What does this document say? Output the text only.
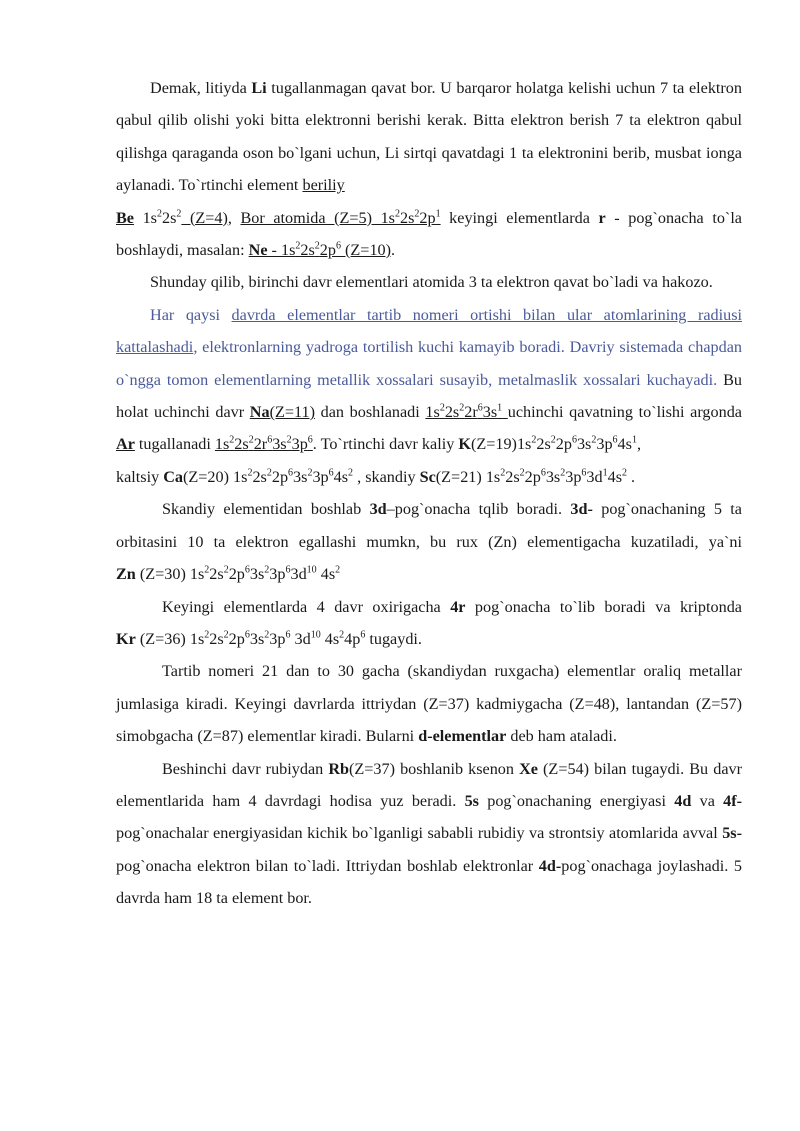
Demak, litiyda Li tugallanmagan qavat bor. U barqaror holatga kelishi uchun 7 ta elektron qabul qilib olishi yoki bitta elektronni berishi kerak. Bitta elektron berish 7 ta elektron qabul qilishga qaraganda oson bo`lgani uchun, Li sirtqi qavatdagi 1 ta elektronini berib, musbat ionga aylanadi. To`rtinchi element beriliy
Be $1s^22s^2$ (Z=4), Bor atomida (Z=5) $1s^22s^22p^1$ keyingi elementlarda r - pog`onacha to`la boshlaydi, masalan: Ne - $1s^22s^22p^6$ (Z=10).

Shunday qilib, birinchi davr elementlari atomida 3 ta elektron qavat bo`ladi va hakozo.

Har qaysi davrda elementlar tartib nomeri ortishi bilan ular atomlarining radiusi kattalashadi, elektronlarning yadroga tortilish kuchi kamayib boradi. Davriy sistemada chapdan o`ngga tomon elementlarning metallik xossalari susayib, metalmaslik xossalari kuchayadi. Bu holat uchinchi davr Na(Z=11) dan boshlanadi $1s^22s^22r^63s^1$ uchinchi qavatning to`lishi argonda Ar tugallanadi $1s^22s^22r^63s^23p^6$. To`rtinchi davr kaliy $K(Z=19)1s^22s^22p^63s^23p^64s^1$,
kaltsiy Ca(Z=20) $1s^22s^22p^63s^23p^64s^2$ , skandiy Sc(Z=21) $1s^22s^22p^63s^23p^63d^14s^2$ .

Skandiy elementidan boshlab 3d–pog`onacha tqlib boradi. 3d- pog`onachaning 5 ta orbitasini 10 ta elektron egallashi mumkn, bu rux (Zn) elementigacha kuzatiladi, ya`ni Zn (Z=30) $1s^22s^22p^63s^23p^63d^{10}$ $4s^2$

Keyingi elementlarda 4 davr oxirigacha 4r pog`onacha to`lib boradi va kriptonda Kr (Z=36) $1s^22s^22p^63s^23p^6$ $3d^{10}$ $4s^24p^6$ tugaydi.

Tartib nomeri 21 dan to 30 gacha (skandiydan ruxgacha) elementlar oraliq metallar jumlasiga kiradi. Keyingi davrlarda ittriydan (Z=37) kadmiygacha (Z=48), lantandan (Z=57) simobgacha (Z=87) elementlar kiradi. Bularni d-elementlar deb ham ataladi.

Beshinchi davr rubiydan Rb(Z=37) boshlanib ksenon Xe (Z=54) bilan tugaydi. Bu davr elementlarida ham 4 davrdagi hodisa yuz beradi. 5s pog`onachaning energiyasi 4d va 4f-pog`onachalar energiyasidan kichik bo`lganligi sababli rubidiy va strontsiy atomlarida avval 5s-pog`onacha elektron bilan to`ladi. Ittriydan boshlab elektronlar 4d-pog`onachaga joylashadi. 5 davrda ham 18 ta element bor.
